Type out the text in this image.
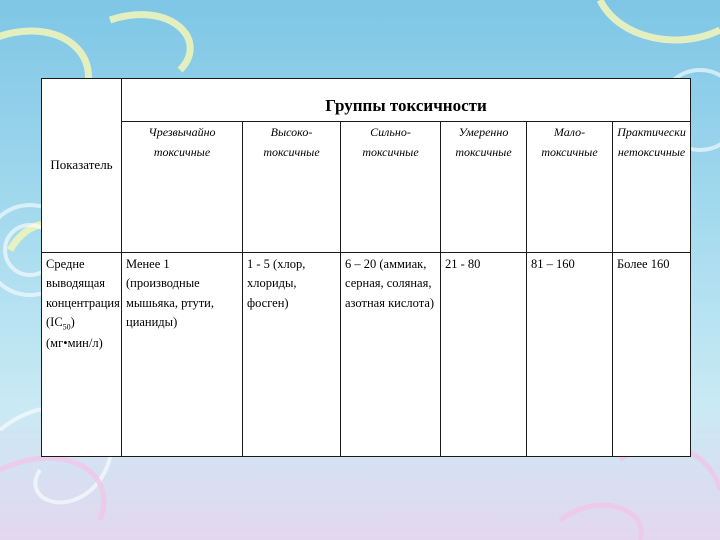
Показатель	Группы токсичности					
	Чрезвычайно токсичные	Высоко-токсичные	Сильно-токсичные	Умеренно токсичные	Мало-токсичные	Практически нетоксичные
Средне выводящая концентрация $(IC_{50})$ (мг•мин/л)	Менее 1 (производные мышьяка, ртути, цианиды)	1 - 5 (хлор, хлориды, фосген)	6 – 20 (аммиак, серная, соляная, азотная кислота)	21 - 80	81 – 160	Более 160
